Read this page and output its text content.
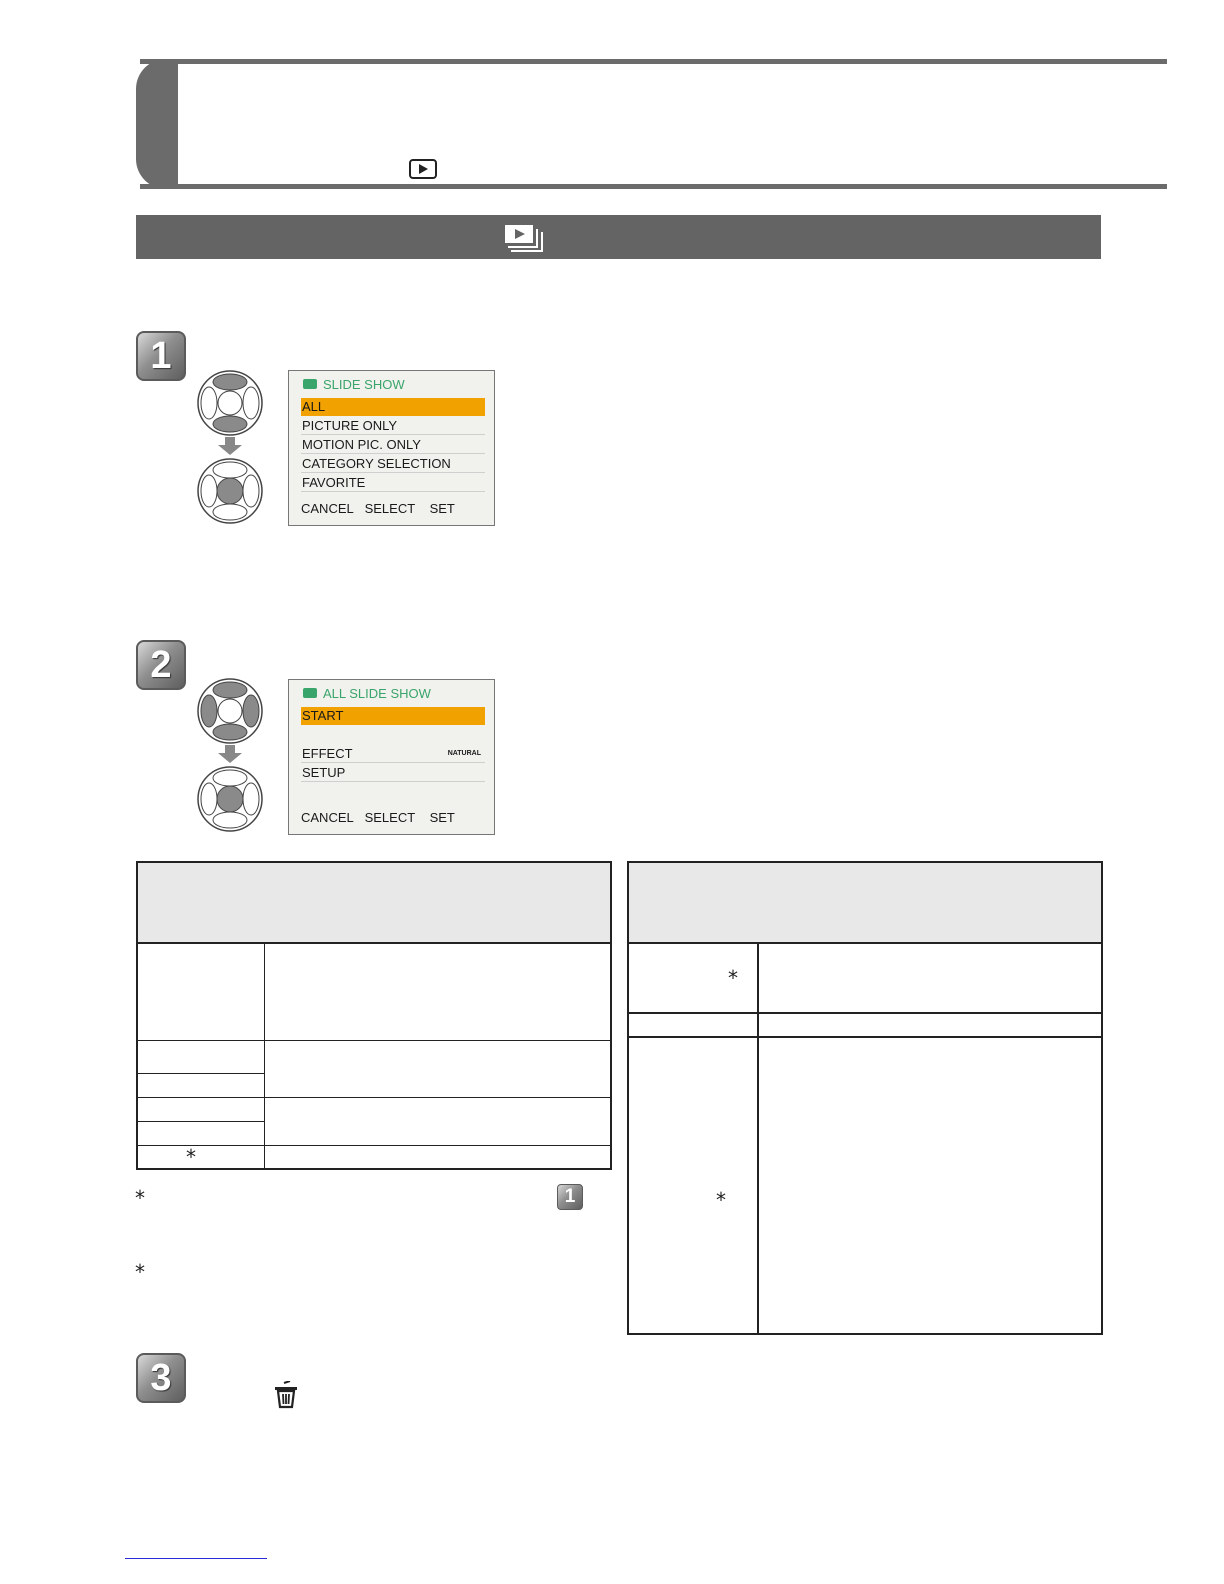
1
SLIDE SHOW
ALL
PICTURE ONLY
MOTION PIC. ONLY
CATEGORY SELECTION
FAVORITE
CANCEL   SELECT    SET
2
ALL SLIDE SHOW
START
EFFECT	NATURAL
SETUP
CANCEL   SELECT    SET
*
*	1
*
*
*
3
